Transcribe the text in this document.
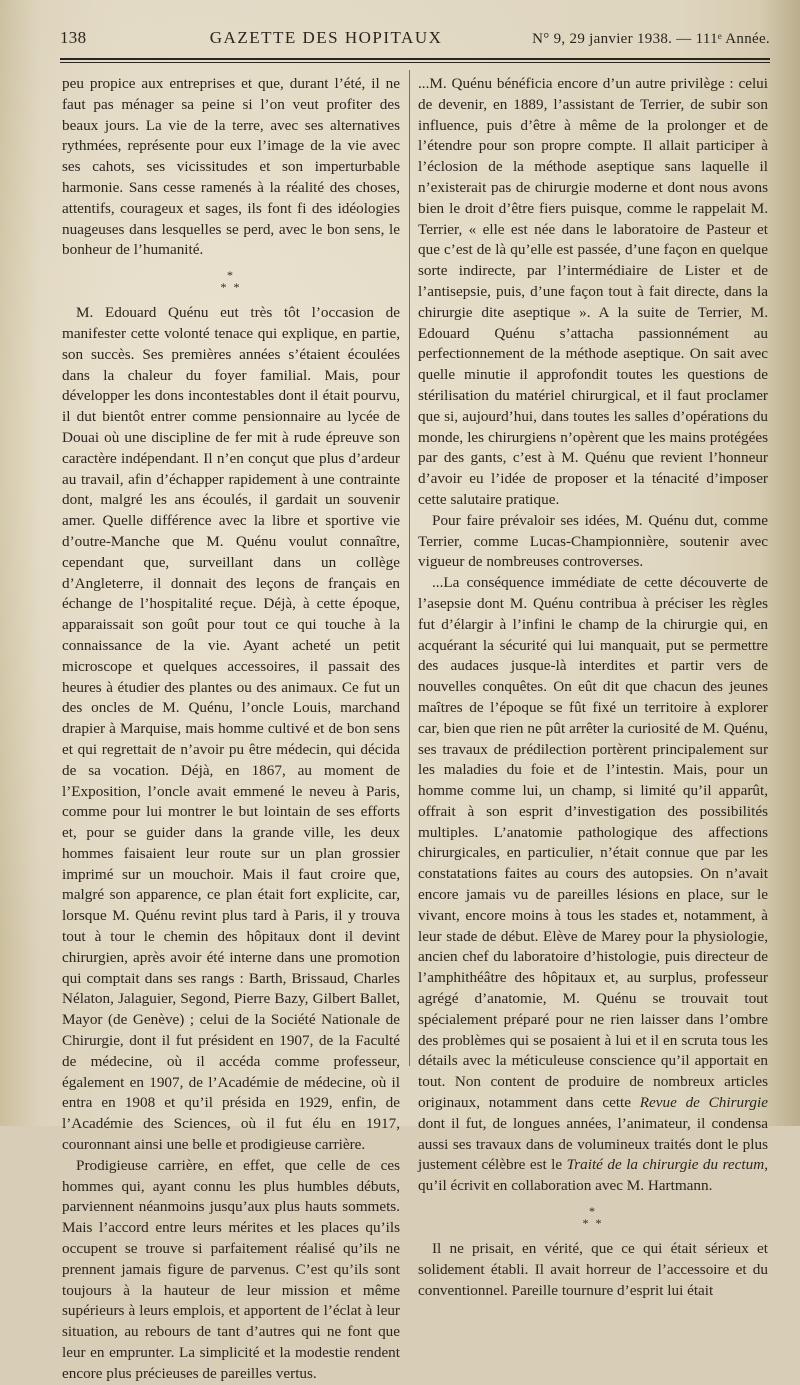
138	GAZETTE DES HOPITAUX	N° 9, 29 janvier 1938. — 111ᵉ Année.

peu propice aux entreprises et que, durant l’été, il ne faut pas ménager sa peine si l’on veut profiter des beaux jours. La vie de la terre, avec ses alternatives rythmées, représente pour eux l’image de la vie avec ses cahots, ses vicissitudes et son imperturbable harmonie. Sans cesse ramenés à la réalité des choses, attentifs, courageux et sages, ils font fi des idéologies nuageuses dans lesquelles se perd, avec le bon sens, le bonheur de l’humanité.

*
* *

M. Edouard Quénu eut très tôt l’occasion de manifester cette volonté tenace qui explique, en partie, son succès. Ses premières années s’étaient écoulées dans la chaleur du foyer familial. Mais, pour développer les dons incontestables dont il était pourvu, il dut bientôt entrer comme pensionnaire au lycée de Douai où une discipline de fer mit à rude épreuve son caractère indépendant. Il n’en conçut que plus d’ardeur au travail, afin d’échapper rapidement à une contrainte dont, malgré les ans écoulés, il gardait un souvenir amer. Quelle différence avec la libre et sportive vie d’outre-Manche que M. Quénu voulut connaître, cependant que, surveillant dans un collège d’Angleterre, il donnait des leçons de français en échange de l’hospitalité reçue. Déjà, à cette époque, apparaissait son goût pour tout ce qui touche à la connaissance de la vie. Ayant acheté un petit microscope et quelques accessoires, il passait des heures à étudier des plantes ou des animaux. Ce fut un des oncles de M. Quénu, l’oncle Louis, marchand drapier à Marquise, mais homme cultivé et de bon sens et qui regrettait de n’avoir pu être médecin, qui décida de sa vocation. Déjà, en 1867, au moment de l’Exposition, l’oncle avait emmené le neveu à Paris, comme pour lui montrer le but lointain de ses efforts et, pour se guider dans la grande ville, les deux hommes faisaient leur route sur un plan grossier imprimé sur un mouchoir. Mais il faut croire que, malgré son apparence, ce plan était fort explicite, car, lorsque M. Quénu revint plus tard à Paris, il y trouva tout à tour le chemin des hôpitaux dont il devint chirurgien, après avoir été interne dans une promotion qui comptait dans ses rangs : Barth, Brissaud, Charles Nélaton, Jalaguier, Segond, Pierre Bazy, Gilbert Ballet, Mayor (de Genève) ; celui de la Société Nationale de Chirurgie, dont il fut président en 1907, de la Faculté de médecine, où il accéda comme professeur, également en 1907, de l’Académie de médecine, où il entra en 1908 et qu’il présida en 1929, enfin, de l’Académie des Sciences, où il fut élu en 1917, couronnant ainsi une belle et prodigieuse carrière.

Prodigieuse carrière, en effet, que celle de ces hommes qui, ayant connu les plus humbles débuts, parviennent néanmoins jusqu’aux plus hauts sommets. Mais l’accord entre leurs mérites et les places qu’ils occupent se trouve si parfaitement réalisé qu’ils ne prennent jamais figure de parvenus. C’est qu’ils sont toujours à la hauteur de leur mission et même supérieurs à leurs emplois, et apportent de l’éclat à leur situation, au rebours de tant d’autres qui ne font que leur en emprunter. La simplicité et la modestie rendent encore plus précieuses de pareilles vertus.

...M. Quénu bénéficia encore d’un autre privilège : celui de devenir, en 1889, l’assistant de Terrier, de subir son influence, puis d’être à même de la prolonger et de l’étendre pour son propre compte. Il allait participer à l’éclosion de la méthode aseptique sans laquelle il n’existerait pas de chirurgie moderne et dont nous avons bien le droit d’être fiers puisque, comme le rappelait M. Terrier, « elle est née dans le laboratoire de Pasteur et que c’est de là qu’elle est passée, d’une façon en quelque sorte indirecte, par l’intermédiaire de Lister et de l’antisepsie, puis, d’une façon tout à fait directe, dans la chirurgie dite aseptique ». A la suite de Terrier, M. Edouard Quénu s’attacha passionnément au perfectionnement de la méthode aseptique. On sait avec quelle minutie il approfondit toutes les questions de stérilisation du matériel chirurgical, et il faut proclamer que si, aujourd’hui, dans toutes les salles d’opérations du monde, les chirurgiens n’opèrent que les mains protégées par des gants, c’est à M. Quénu que revient l’honneur d’avoir eu l’idée de proposer et la ténacité d’imposer cette salutaire pratique.

Pour faire prévaloir ses idées, M. Quénu dut, comme Terrier, comme Lucas-Championnière, soutenir avec vigueur de nombreuses controverses.

...La conséquence immédiate de cette découverte de l’asepsie dont M. Quénu contribua à préciser les règles fut d’élargir à l’infini le champ de la chirurgie qui, en acquérant la sécurité qui lui manquait, put se permettre des audaces jusque-là interdites et partir vers de nouvelles conquêtes. On eût dit que chacun des jeunes maîtres de l’époque se fût fixé un territoire à explorer car, bien que rien ne pût arrêter la curiosité de M. Quénu, ses travaux de prédilection portèrent principalement sur les maladies du foie et de l’intestin. Mais, pour un homme comme lui, un champ, si limité qu’il apparût, offrait à son esprit d’investigation des possibilités multiples. L’anatomie pathologique des affections chirurgicales, en particulier, n’était connue que par les constatations faites au cours des autopsies. On n’avait encore jamais vu de pareilles lésions en place, sur le vivant, encore moins à tous les stades et, notamment, à leur stade de début. Elève de Marey pour la physiologie, ancien chef du laboratoire d’histologie, puis directeur de l’amphithéâtre des hôpitaux et, au surplus, professeur agrégé d’anatomie, M. Quénu se trouvait tout spécialement préparé pour ne rien laisser dans l’ombre des problèmes qui se posaient à lui et il en scruta tous les détails avec la méticuleuse conscience qu’il apportait en tout. Non content de produire de nombreux articles originaux, notamment dans cette Revue de Chirurgie dont il fut, de longues années, l’animateur, il condensa aussi ses travaux dans de volumineux traités dont le plus justement célèbre est le Traité de la chirurgie du rectum, qu’il écrivit en collaboration avec M. Hartmann.

*
* *

Il ne prisait, en vérité, que ce qui était sérieux et solidement établi. Il avait horreur de l’accessoire et du conventionnel. Pareille tournure d’esprit lui était
